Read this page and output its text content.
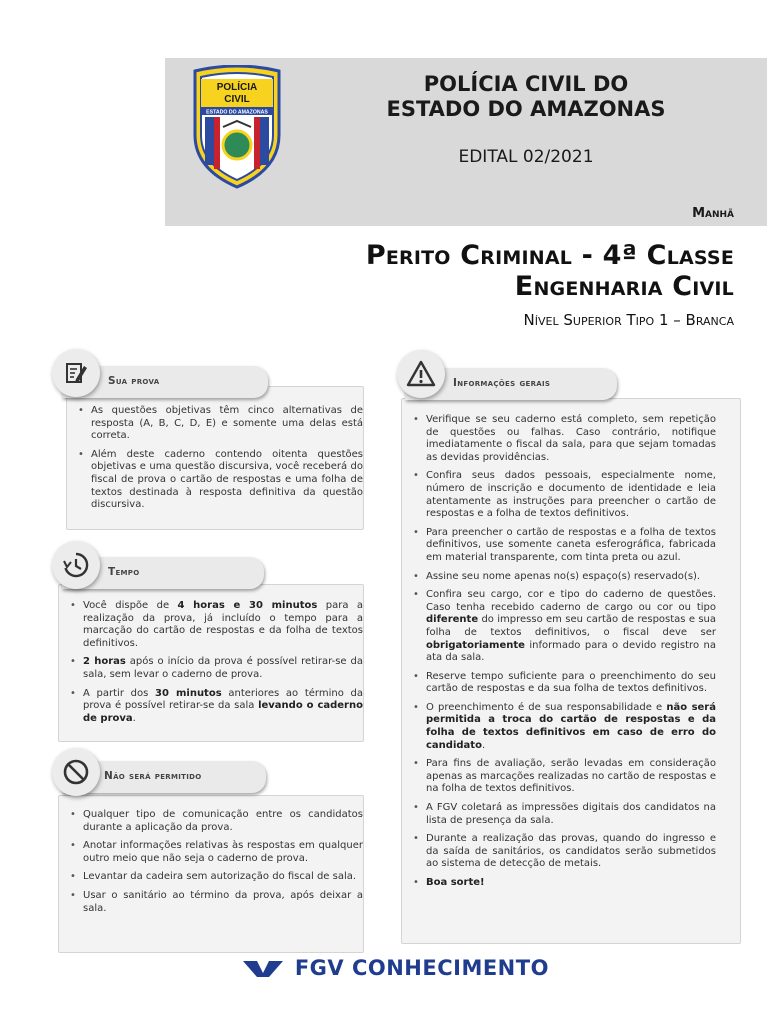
POLÍCIA
CIVIL
ESTADO DO AMAZONAS
POLÍCIA CIVIL DO
ESTADO DO AMAZONAS
EDITAL 02/2021
Manhã
Perito Criminal - 4ª Classe
Engenharia Civil
Nível Superior Tipo 1 – Branca
• As questões objetivas têm cinco alternativas de resposta (A, B, C, D, E) e somente uma delas está correta.
• Além deste caderno contendo oitenta questões objetivas e uma questão discursiva, você receberá do fiscal de prova o cartão de respostas e uma folha de textos destinada à resposta definitiva da questão discursiva.
Sua prova
• Você dispõe de 4 horas e 30 minutos para a realização da prova, já incluído o tempo para a marcação do cartão de respostas e da folha de textos definitivos.
• 2 horas após o início da prova é possível retirar-se da sala, sem levar o caderno de prova.
• A partir dos 30 minutos anteriores ao término da prova é possível retirar-se da sala levando o caderno de prova.
Tempo
• Qualquer tipo de comunicação entre os candidatos durante a aplicação da prova.
• Anotar informações relativas às respostas em qualquer outro meio que não seja o caderno de prova.
• Levantar da cadeira sem autorização do fiscal de sala.
• Usar o sanitário ao término da prova, após deixar a sala.
Não será permitido
• Verifique se seu caderno está completo, sem repetição de questões ou falhas. Caso contrário, notifique imediatamente o fiscal da sala, para que sejam tomadas as devidas providências.
• Confira seus dados pessoais, especialmente nome, número de inscrição e documento de identidade e leia atentamente as instruções para preencher o cartão de respostas e a folha de textos definitivos.
• Para preencher o cartão de respostas e a folha de textos definitivos, use somente caneta esferográfica, fabricada em material transparente, com tinta preta ou azul.
• Assine seu nome apenas no(s) espaço(s) reservado(s).
• Confira seu cargo, cor e tipo do caderno de questões. Caso tenha recebido caderno de cargo ou cor ou tipo diferente do impresso em seu cartão de respostas e sua folha de textos definitivos, o fiscal deve ser obrigatoriamente informado para o devido registro na ata da sala.
• Reserve tempo suficiente para o preenchimento do seu cartão de respostas e da sua folha de textos definitivos.
• O preenchimento é de sua responsabilidade e não será permitida a troca do cartão de respostas e da folha de textos definitivos em caso de erro do candidato.
• Para fins de avaliação, serão levadas em consideração apenas as marcações realizadas no cartão de respostas e na folha de textos definitivos.
• A FGV coletará as impressões digitais dos candidatos na lista de presença da sala.
• Durante a realização das provas, quando do ingresso e da saída de sanitários, os candidatos serão submetidos ao sistema de detecção de metais.
• Boa sorte!
Informações gerais
FGV CONHECIMENTO
